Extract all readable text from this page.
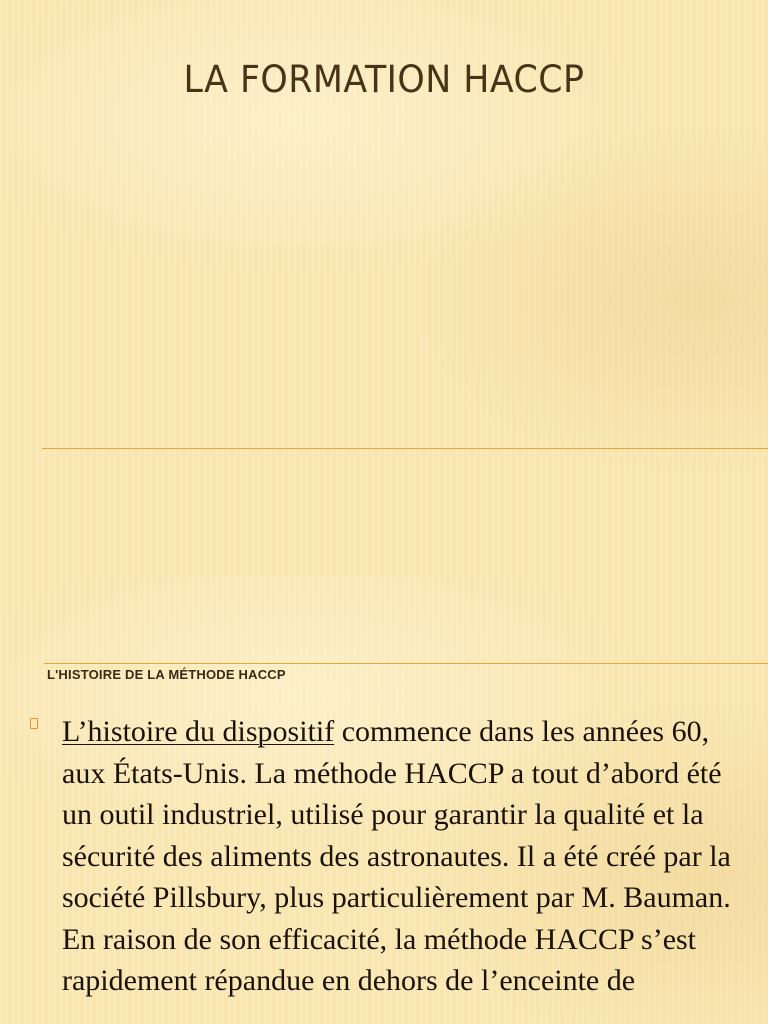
LA FORMATION HACCP
L'HISTOIRE DE LA MÉTHODE HACCP

L’histoire du dispositif commence dans les années 60, aux États-Unis. La méthode HACCP a tout d’abord été un outil industriel, utilisé pour garantir la qualité et la sécurité des aliments des astronautes. Il a été créé par la société Pillsbury, plus particulièrement par M. Bauman. En raison de son efficacité, la méthode HACCP s’est rapidement répandue en dehors de l’enceinte de
